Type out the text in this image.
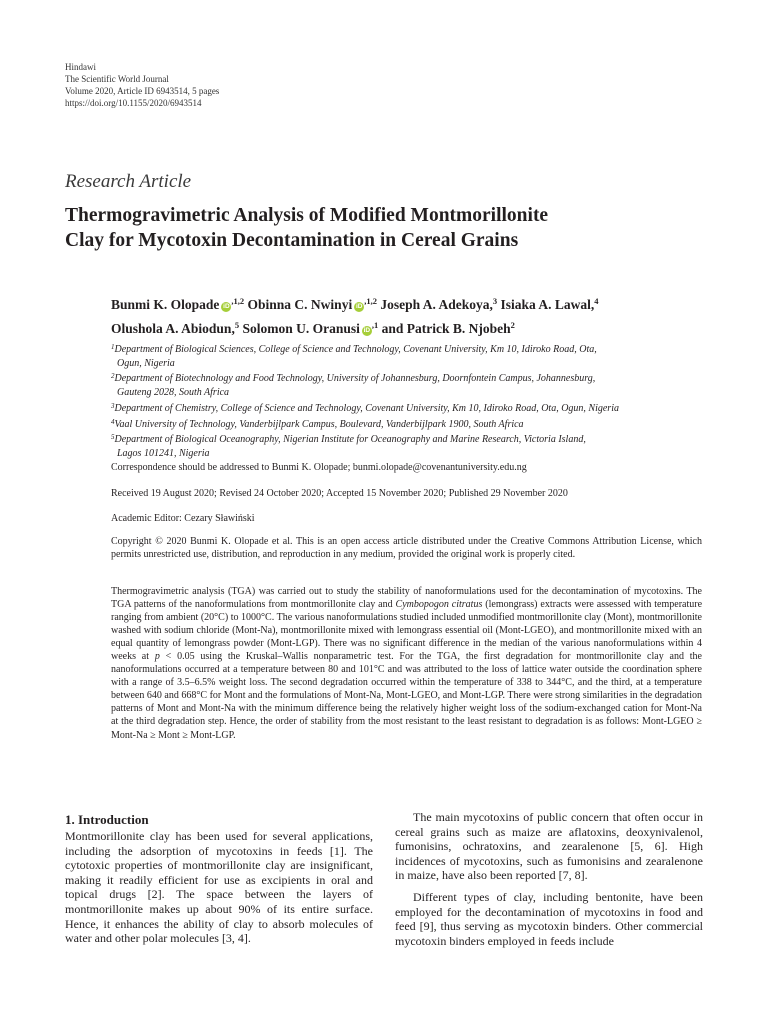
Hindawi
The Scientific World Journal
Volume 2020, Article ID 6943514, 5 pages
https://doi.org/10.1155/2020/6943514
Research Article
Thermogravimetric Analysis of Modified Montmorillonite
Clay for Mycotoxin Decontamination in Cereal Grains
Bunmi K. Olopade $iD^{,1,2}$ Obinna C. Nwinyi $iD^{,1,2}$ Joseph A. Adekoya,$^3$ Isiaka A. Lawal,$^4$
Olushola A. Abiodun,$^5$ Solomon U. Oranusi $iD^{,1}$ and Patrick B. Njobeh$^2$

$^1$Department of Biological Sciences, College of Science and Technology, Covenant University, Km 10, Idiroko Road, Ota,
Ogun, Nigeria

$^2$Department of Biotechnology and Food Technology, University of Johannesburg, Doornfontein Campus, Johannesburg,
Gauteng 2028, South Africa

$^3$Department of Chemistry, College of Science and Technology, Covenant University, Km 10, Idiroko Road, Ota, Ogun, Nigeria

$^4$Vaal University of Technology, Vanderbijlpark Campus, Boulevard, Vanderbijlpark 1900, South Africa

$^5$Department of Biological Oceanography, Nigerian Institute for Oceanography and Marine Research, Victoria Island,
Lagos 101241, Nigeria

Correspondence should be addressed to Bunmi K. Olopade; bunmi.olopade@covenantuniversity.edu.ng
Received 19 August 2020; Revised 24 October 2020; Accepted 15 November 2020; Published 29 November 2020
Academic Editor: Cezary Sławiński
Copyright © 2020 Bunmi K. Olopade et al. This is an open access article distributed under the Creative Commons Attribution License, which permits unrestricted use, distribution, and reproduction in any medium, provided the original work is properly cited.
Thermogravimetric analysis (TGA) was carried out to study the stability of nanoformulations used for the decontamination of mycotoxins. The TGA patterns of the nanoformulations from montmorillonite clay and Cymbopogon citratus (lemongrass) extracts were assessed with temperature ranging from ambient (20°C) to 1000°C. The various nanoformulations studied included unmodified montmorillonite clay (Mont), montmorillonite washed with sodium chloride (Mont-Na), montmorillonite mixed with lemongrass essential oil (Mont-LGEO), and montmorillonite mixed with an equal quantity of lemongrass powder (Mont-LGP). There was no significant difference in the median of the various nanoformulations within 4 weeks at p < 0.05 using the Kruskal–Wallis nonparametric test. For the TGA, the first degradation for montmorillonite clay and the nanoformulations occurred at a temperature between 80 and 101°C and was attributed to the loss of lattice water outside the coordination sphere with a range of 3.5–6.5% weight loss. The second degradation occurred within the temperature of 338 to 344°C, and the third, at a temperature between 640 and 668°C for Mont and the formulations of Mont-Na, Mont-LGEO, and Mont-LGP. There were strong similarities in the degradation patterns of Mont and Mont-Na with the minimum difference being the relatively higher weight loss of the sodium-exchanged cation for Mont-Na at the third degradation step. Hence, the order of stability from the most resistant to the least resistant to degradation is as follows: Mont-LGEO ≥ Mont-Na ≥ Mont ≥ Mont-LGP.
1. Introduction

Montmorillonite clay has been used for several applications, including the adsorption of mycotoxins in feeds [1]. The cytotoxic properties of montmorillonite clay are insignificant, making it readily efficient for use as excipients in oral and topical drugs [2]. The space between the layers of montmorillonite makes up about 90% of its entire surface. Hence, it enhances the ability of clay to absorb molecules of water and other polar molecules [3, 4].

The main mycotoxins of public concern that often occur in cereal grains such as maize are aflatoxins, deoxynivalenol, fumonisins, ochratoxins, and zearalenone [5, 6]. High incidences of mycotoxins, such as fumonisins and zearalenone in maize, have also been reported [7, 8].

Different types of clay, including bentonite, have been employed for the decontamination of mycotoxins in food and feed [9], thus serving as mycotoxin binders. Other commercial mycotoxin binders employed in feeds include
